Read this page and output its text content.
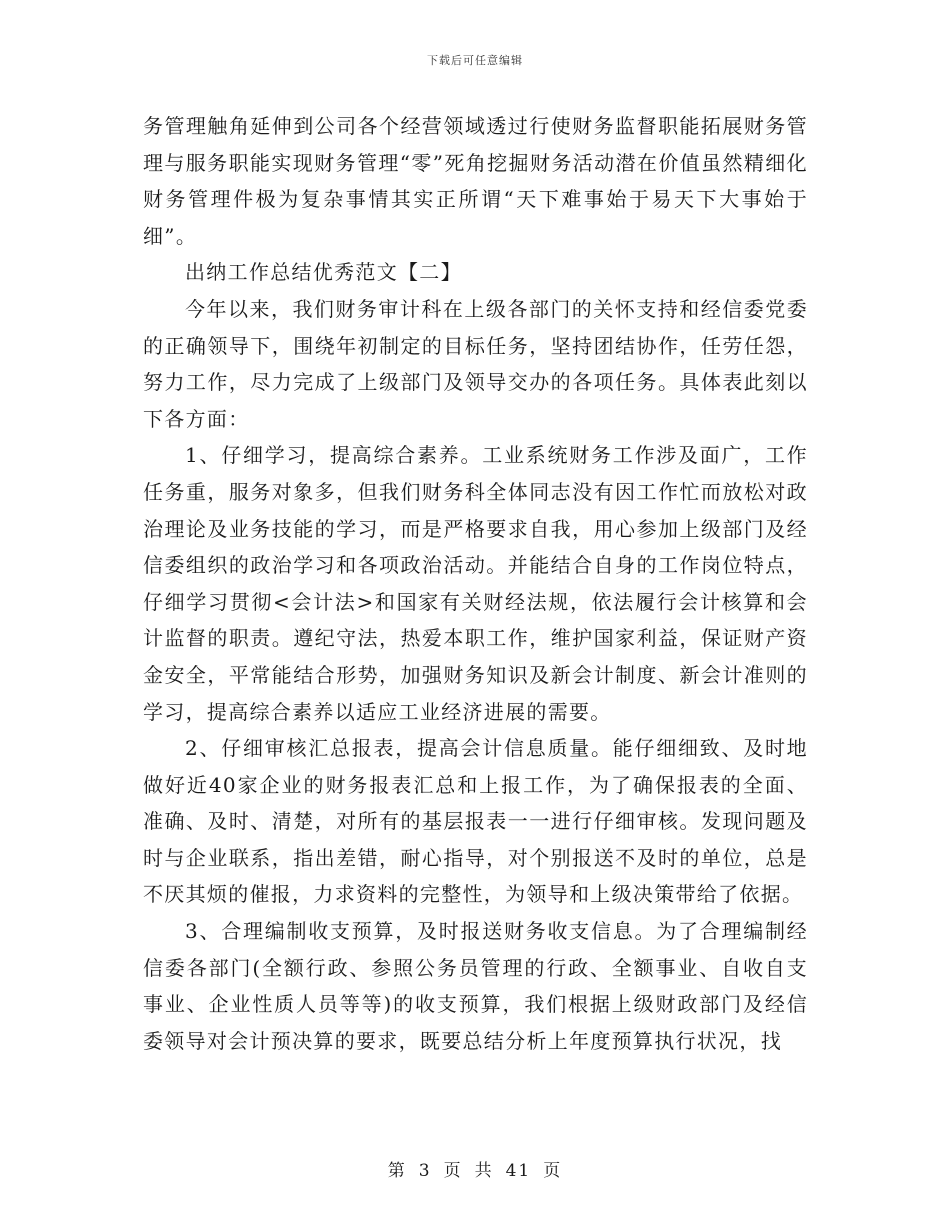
下载后可任意编辑

务管理触角延伸到公司各个经营领域透过行使财务监督职能拓展财务管理与服务职能实现财务管理“零”死角挖掘财务活动潜在价值虽然精细化财务管理件极为复杂事情其实正所谓“天下难事始于易天下大事始于细”。

出纳工作总结优秀范文【二】

今年以来，我们财务审计科在上级各部门的关怀支持和经信委党委的正确领导下，围绕年初制定的目标任务，坚持团结协作，任劳任怨，努力工作，尽力完成了上级部门及领导交办的各项任务。具体表此刻以下各方面：

1、仔细学习，提高综合素养。工业系统财务工作涉及面广，工作任务重，服务对象多，但我们财务科全体同志没有因工作忙而放松对政治理论及业务技能的学习，而是严格要求自我，用心参加上级部门及经信委组织的政治学习和各项政治活动。并能结合自身的工作岗位特点，仔细学习贯彻<会计法>和国家有关财经法规，依法履行会计核算和会计监督的职责。遵纪守法，热爱本职工作，维护国家利益，保证财产资金安全，平常能结合形势，加强财务知识及新会计制度、新会计准则的学习，提高综合素养以适应工业经济进展的需要。

2、仔细审核汇总报表，提高会计信息质量。能仔细细致、及时地做好近40家企业的财务报表汇总和上报工作，为了确保报表的全面、准确、及时、清楚，对所有的基层报表一一进行仔细审核。发现问题及时与企业联系，指出差错，耐心指导，对个别报送不及时的单位，总是不厌其烦的催报，力求资料的完整性，为领导和上级决策带给了依据。

3、合理编制收支预算，及时报送财务收支信息。为了合理编制经信委各部门(全额行政、参照公务员管理的行政、全额事业、自收自支事业、企业性质人员等等)的收支预算，我们根据上级财政部门及经信委领导对会计预决算的要求，既要总结分析上年度预算执行状况，找

第 3 页 共 41 页
